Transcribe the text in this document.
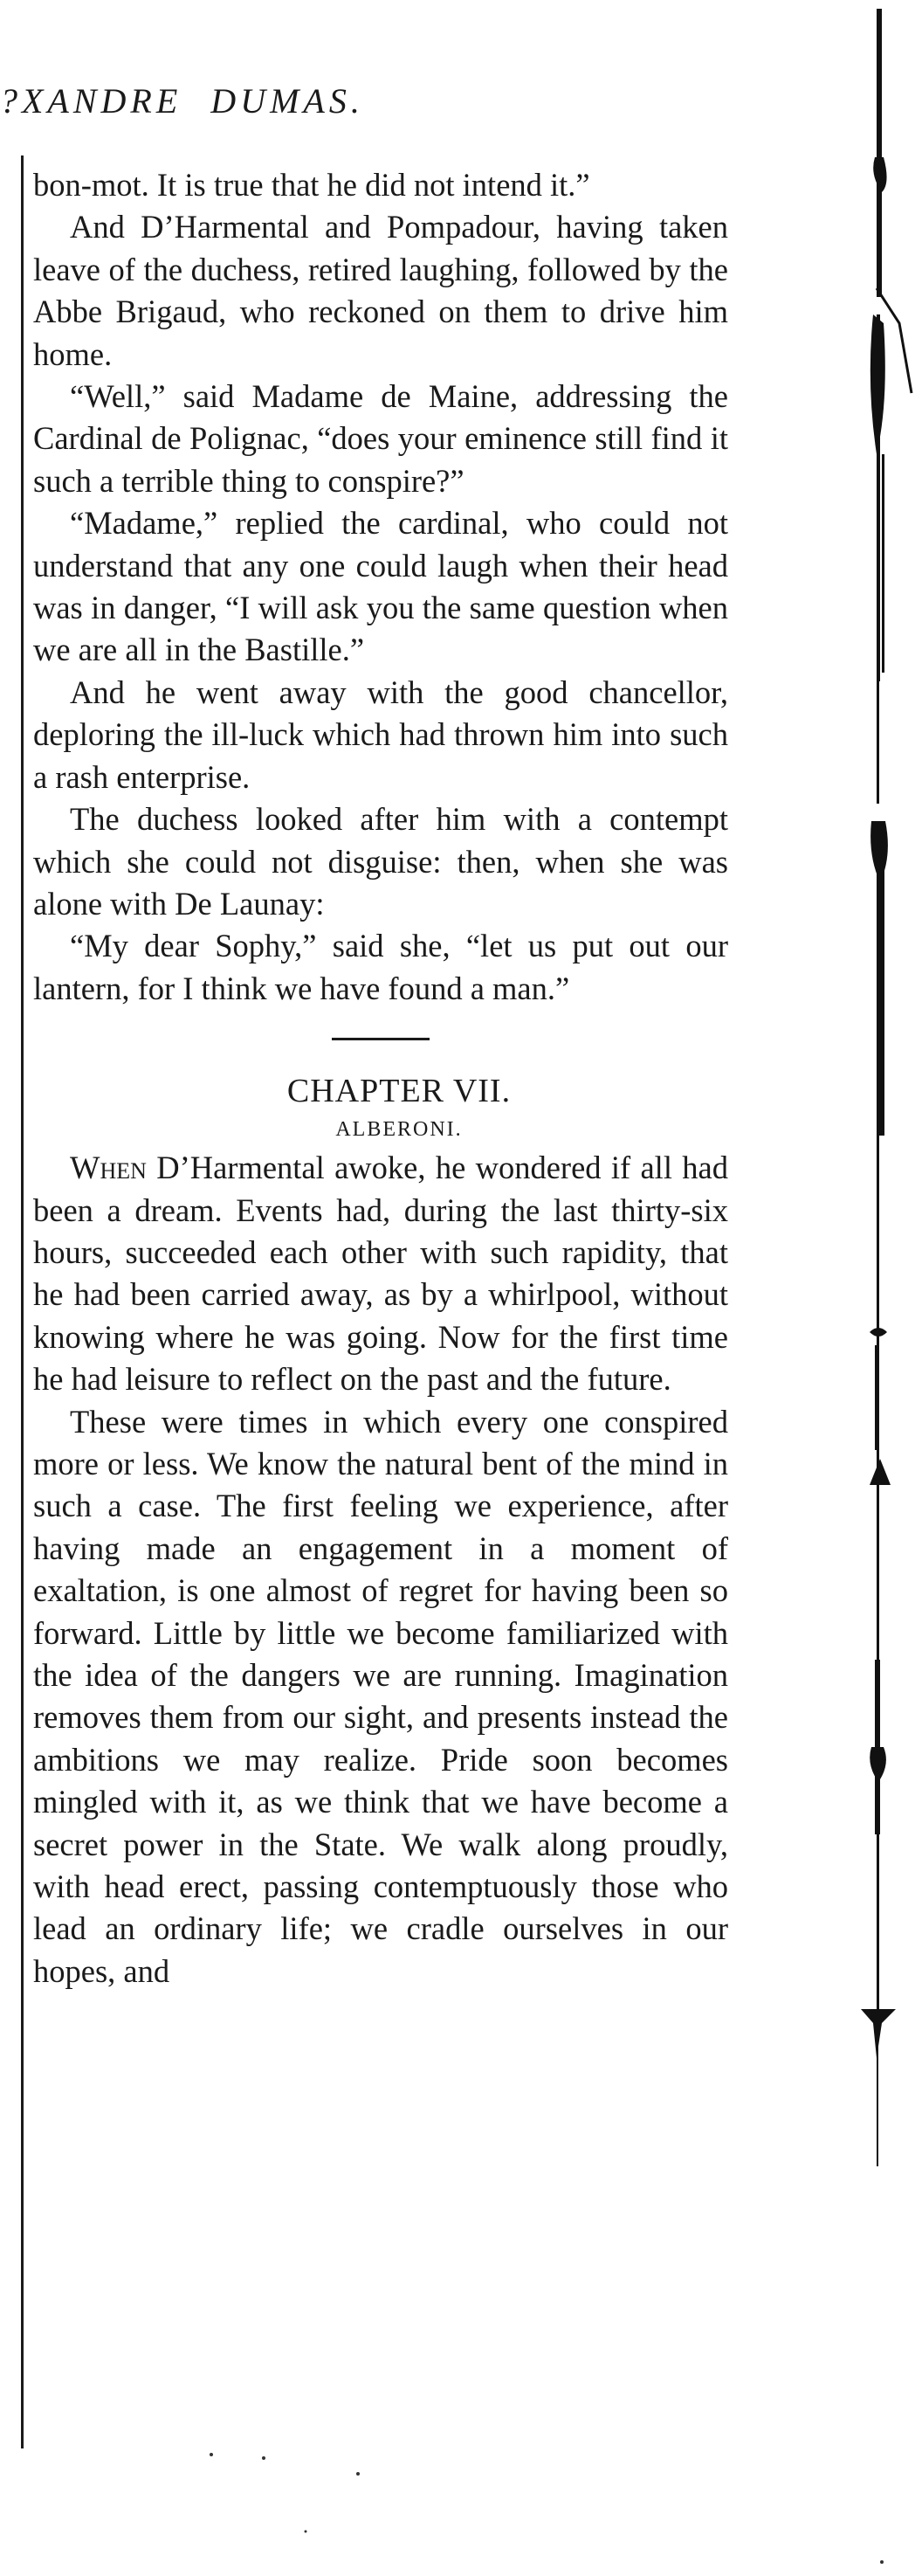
?XANDRE DUMAS.

bon-mot. It is true that he did not intend it.”

And D’Harmental and Pompadour, having taken leave of the duchess, retired laughing, followed by the Abbe Brigaud, who reckoned on them to drive him home.

“Well,” said Madame de Maine, addressing the Cardinal de Polignac, “does your eminence still find it such a terrible thing to conspire?”

“Madame,” replied the cardinal, who could not understand that any one could laugh when their head was in danger, “I will ask you the same question when we are all in the Bastille.”

And he went away with the good chancellor, deploring the ill-luck which had thrown him into such a rash enterprise.

The duchess looked after him with a contempt which she could not disguise: then, when she was alone with De Launay:

“My dear Sophy,” said she, “let us put out our lantern, for I think we have found a man.”

CHAPTER VII.

ALBERONI.

When D’Harmental awoke, he wondered if all had been a dream. Events had, during the last thirty-six hours, succeeded each other with such rapidity, that he had been carried away, as by a whirlpool, without knowing where he was going. Now for the first time he had leisure to reflect on the past and the future.

These were times in which every one conspired more or less. We know the natural bent of the mind in such a case. The first feeling we experience, after having made an engagement in a moment of exaltation, is one almost of regret for having been so forward. Little by little we become familiarized with the idea of the dangers we are running. Imagination removes them from our sight, and presents instead the ambitions we may realize. Pride soon becomes mingled with it, as we think that we have become a secret power in the State. We walk along proudly, with head erect, passing contemptuously those who lead an ordinary life; we cradle ourselves in our hopes, and
